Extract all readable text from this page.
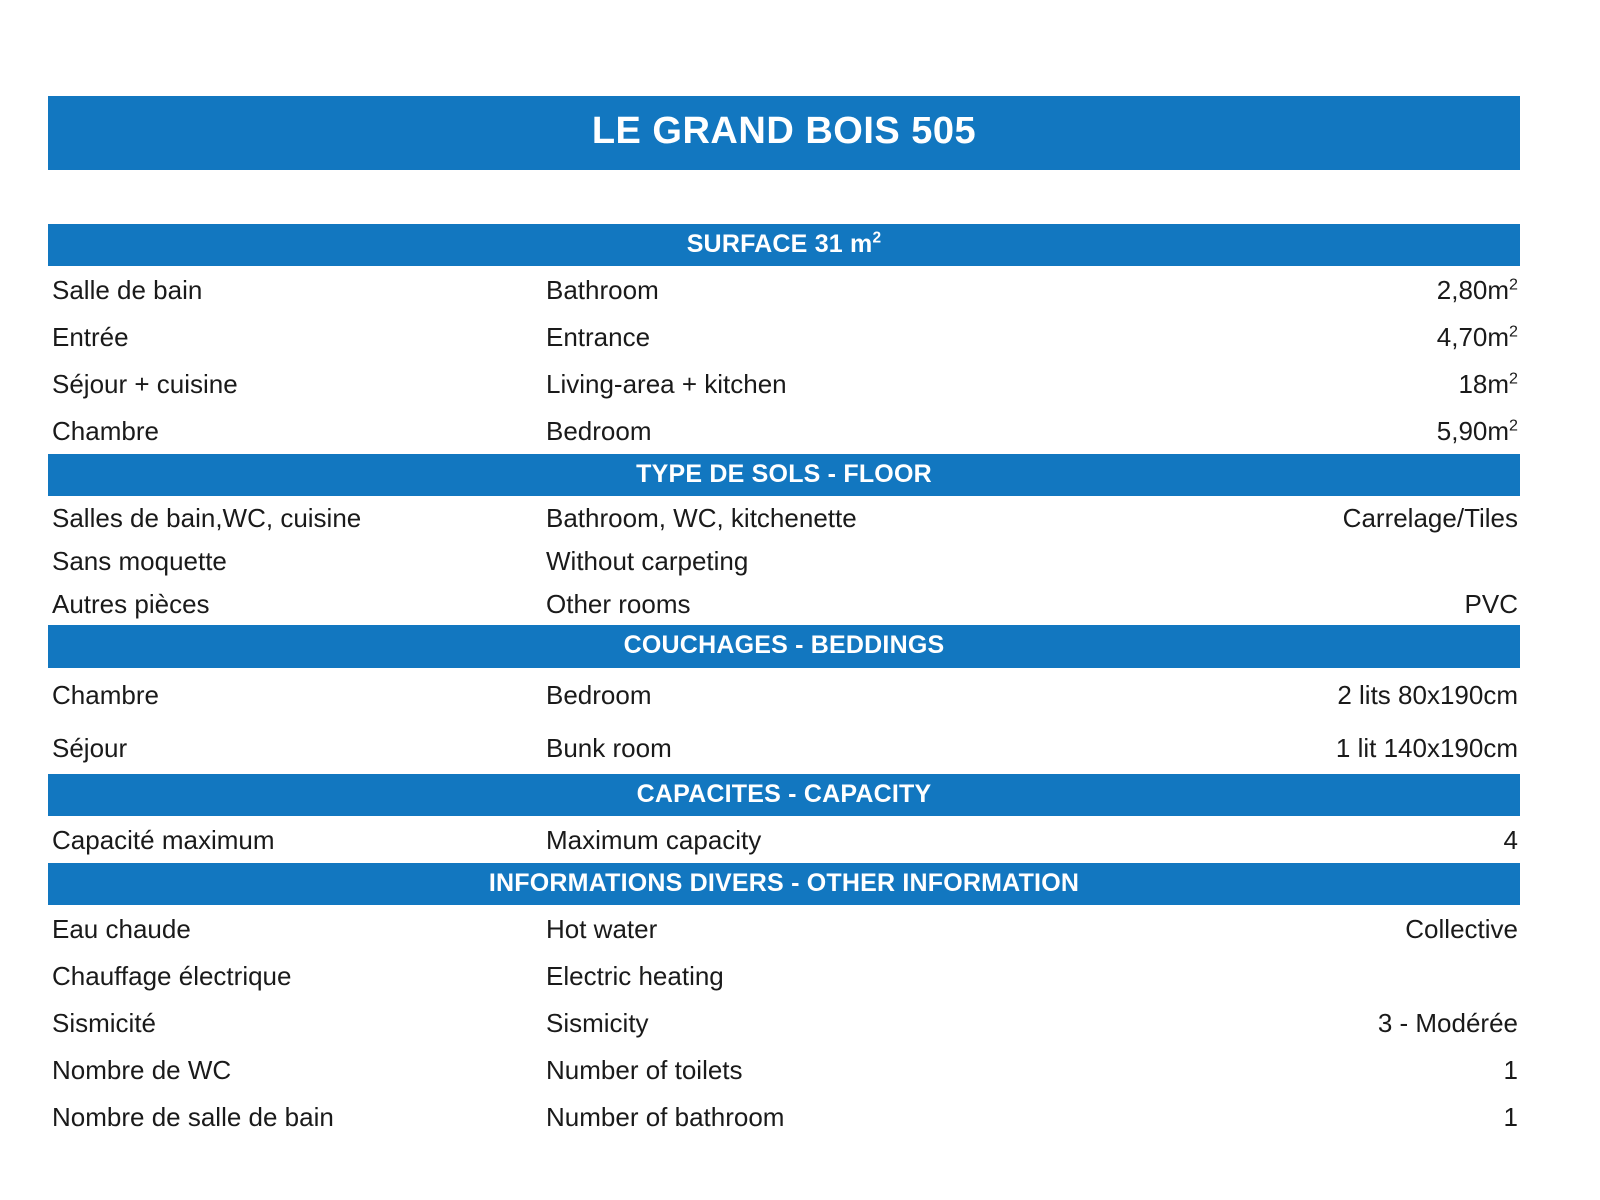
LE GRAND BOIS 505
SURFACE 31 $m^2$
Salle de bain	Bathroom	$2,80m^2$
Entrée	Entrance	$4,70m^2$
Séjour + cuisine	Living-area + kitchen	$18m^2$
Chambre	Bedroom	$5,90m^2$
TYPE DE SOLS - FLOOR
Salles de bain,WC, cuisine	Bathroom, WC, kitchenette	Carrelage/Tiles
Sans moquette	Without carpeting
Autres pièces	Other rooms	PVC
COUCHAGES - BEDDINGS
Chambre	Bedroom	2 lits 80x190cm
Séjour	Bunk room	1 lit 140x190cm
CAPACITES - CAPACITY
Capacité maximum	Maximum capacity	4
INFORMATIONS DIVERS - OTHER INFORMATION
Eau chaude	Hot water	Collective
Chauffage électrique	Electric heating
Sismicité	Sismicity	3 - Modérée
Nombre de WC	Number of toilets	1
Nombre de salle de bain	Number of bathroom	1
